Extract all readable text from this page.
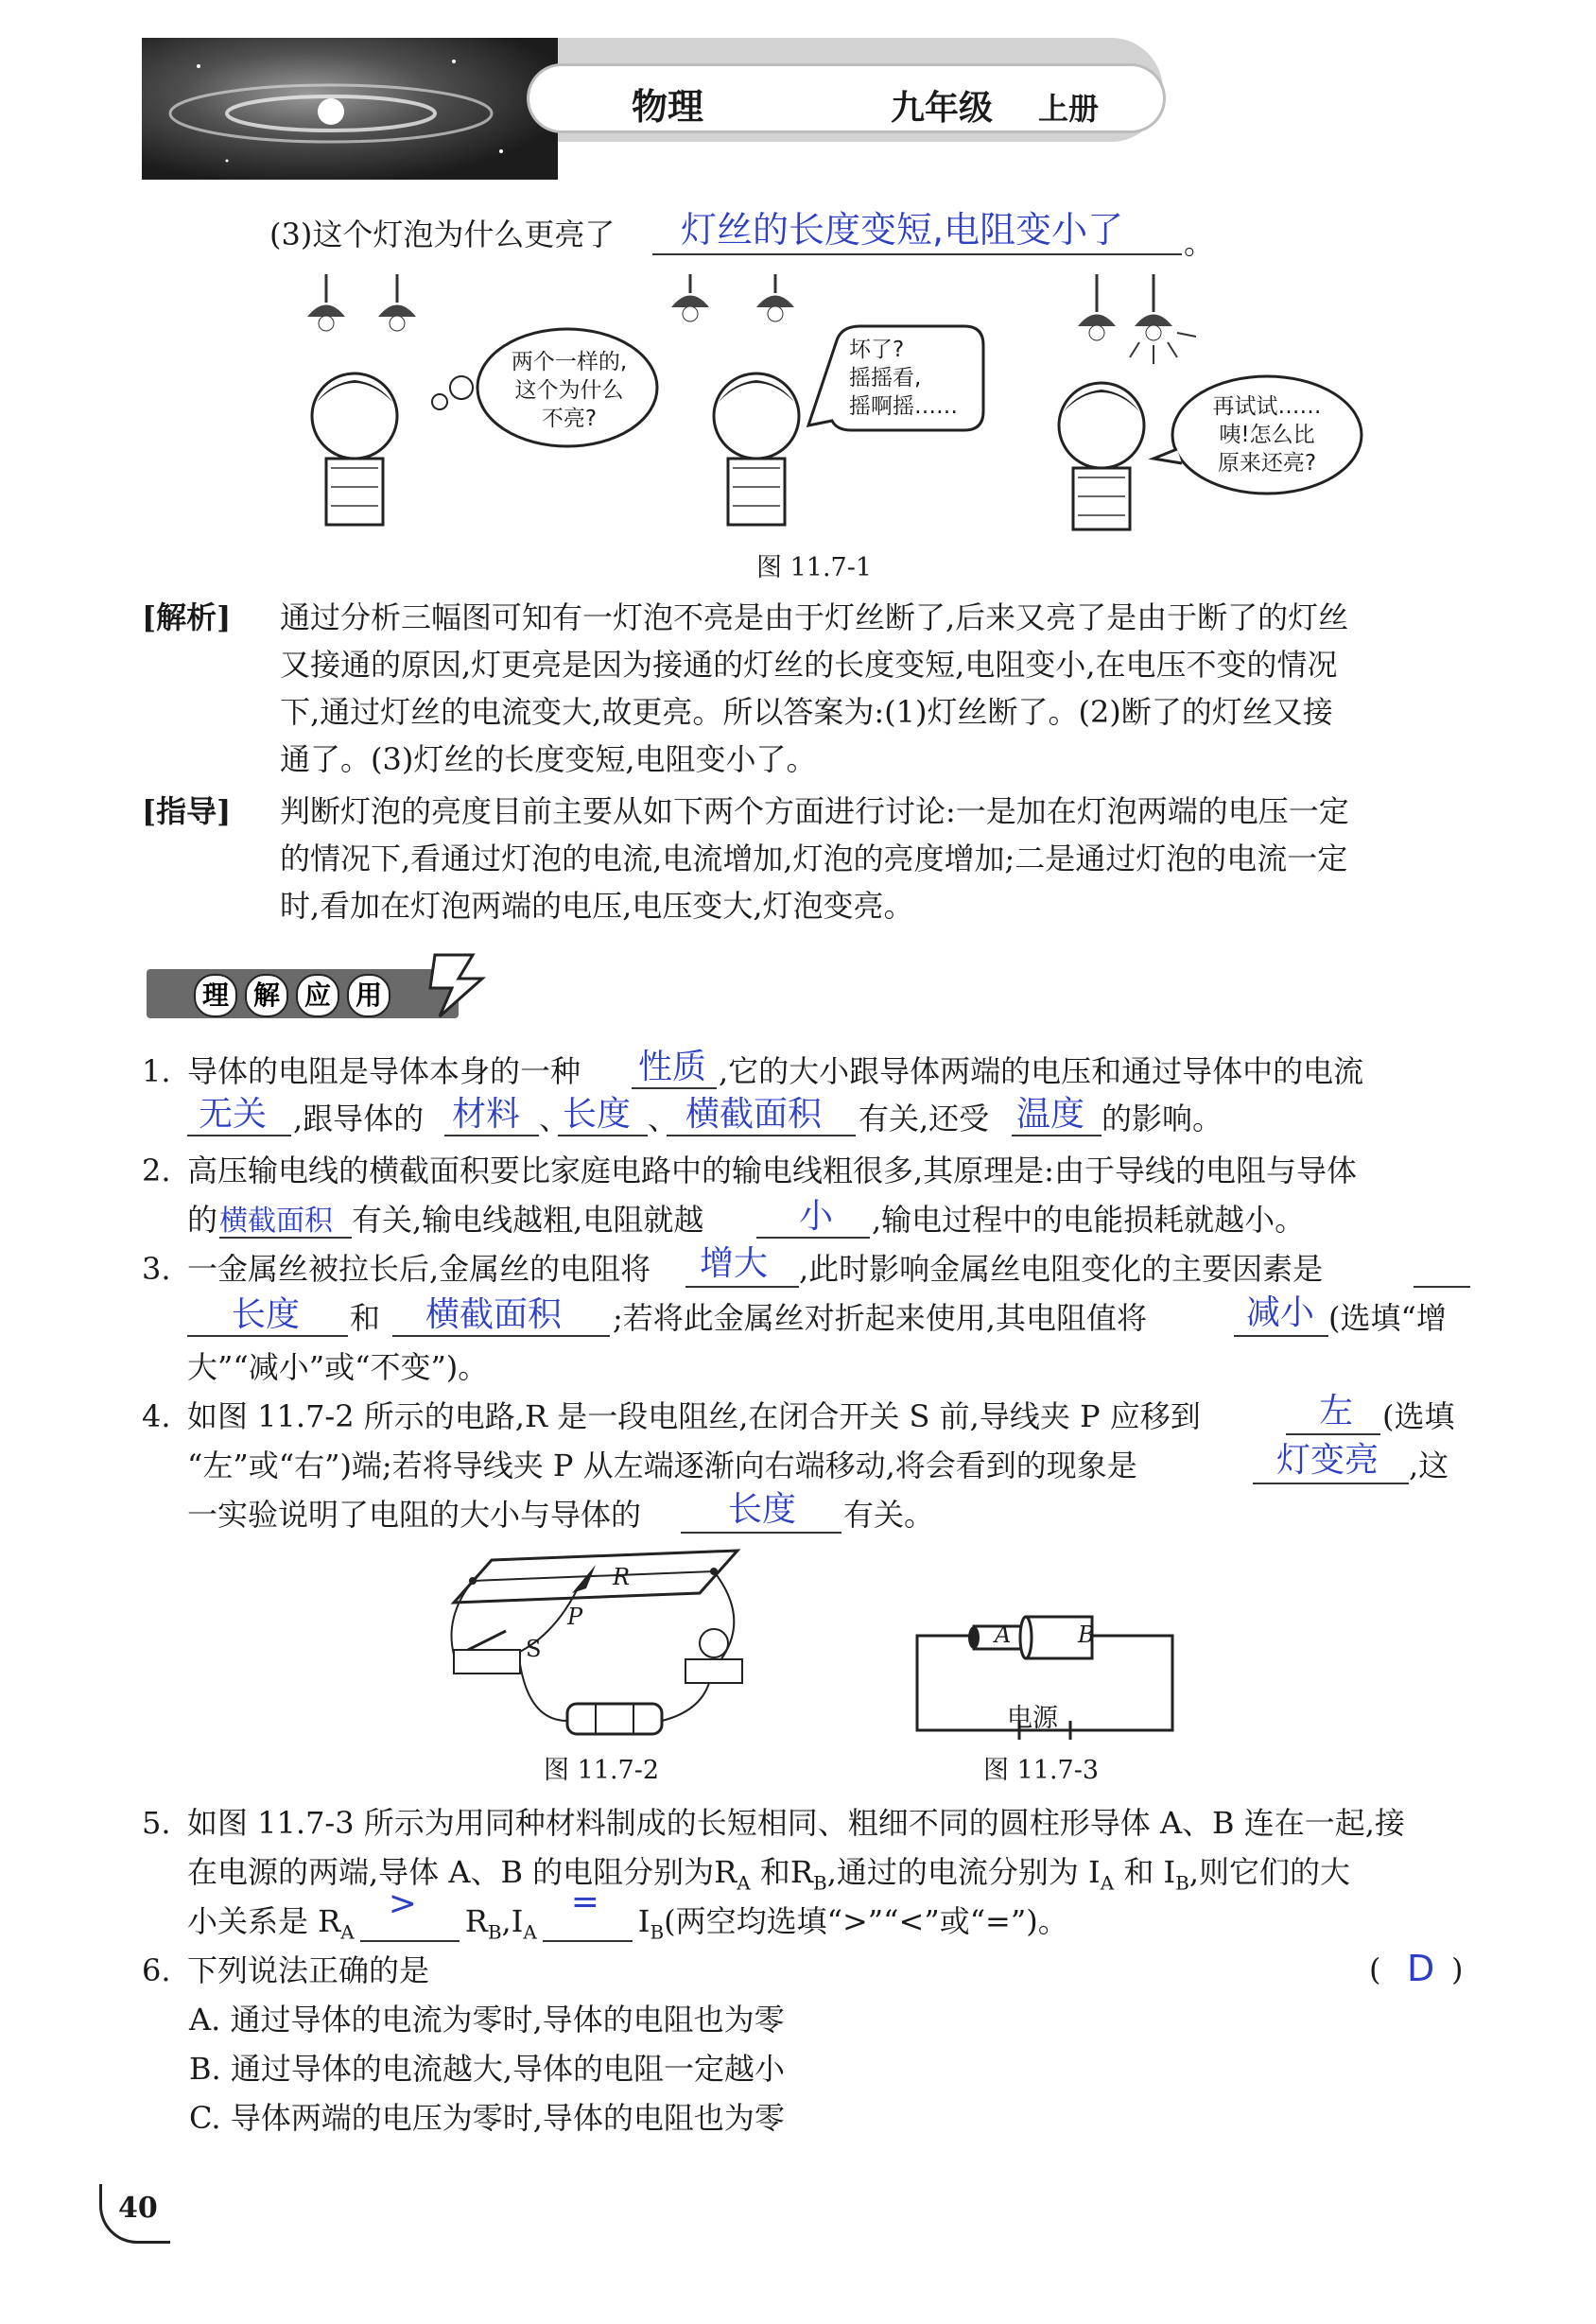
物理	九年级 上册
(3)这个灯泡为什么更亮了 灯丝的长度变短,电阻变小了 。
两个一样的,
这个为什么
不亮?
坏了?
摇摇看,
摇啊摇……	再试试……
咦!怎么比
原来还亮?
图 11.7-1
[解析] 通过分析三幅图可知有一灯泡不亮是由于灯丝断了,后来又亮了是由于断了的灯丝
又接通的原因,灯更亮是因为接通的灯丝的长度变短,电阻变小,在电压不变的情况
下,通过灯丝的电流变大,故更亮。所以答案为:(1)灯丝断了。(2)断了的灯丝又接
通了。(3)灯丝的长度变短,电阻变小了。
[指导] 判断灯泡的亮度目前主要从如下两个方面进行讨论:一是加在灯泡两端的电压一定
的情况下,看通过灯泡的电流,电流增加,灯泡的亮度增加;二是通过灯泡的电流一定
时,看加在灯泡两端的电压,电压变大,灯泡变亮。
理 解 应 用
1. 导体的电阻是导体本身的一种 性质 ,它的大小跟导体两端的电压和通过导体中的电流
无关 ,跟导体的 材料 、
长度 、 横截面积 有关,还受 温度 的影响。
2. 高压输电线的横截面积要比家庭电路中的输电线粗很多,其原理是:由于导线的电阻与导体
的 横截面积 有关,输电线越粗,电阻就越	小 ,输电过程中的电能损耗就越小。
3. 一金属丝被拉长后,金属丝的电阻将 增大 ,此时影响金属丝电阻变化的主要因素是
长度 和 横截面积 ;若将此金属丝对折起来使用,其电阻值将	减小 (选填“增
大”“减小”或“不变”)。
4. 如图 11.7-2 所示的电路,R 是一段电阻丝,在闭合开关 S 前,导线夹 P 应移到	左 (选填
“左”或“右”)端;若将导线夹 P 从左端逐渐向右端移动,将会看到的现象是	灯变亮 ,这
一实验说明了电阻的大小与导体的	长度 有关。
R
P
S
图 11.7-2
A	B
电源
图 11.7-3
5. 如图 11.7-3 所示为用同种材料制成的长短相同、粗细不同的圆柱形导体 A、B 连在一起,接
在电源的两端,导体 A、B 的电阻分别为$R_A$ 和$R_B$,通过的电流分别为 $I_A$ 和 $I_B$,则它们的大
小关系是 $R_A$
> $R_B,I_A$
= $I_B$(两空均选填“>”“<”或“=”)。
6. 下列说法正确的是	( D )
A. 通过导体的电流为零时,导体的电阻也为零
B. 通过导体的电流越大,导体的电阻一定越小
C. 导体两端的电压为零时,导体的电阻也为零
40
